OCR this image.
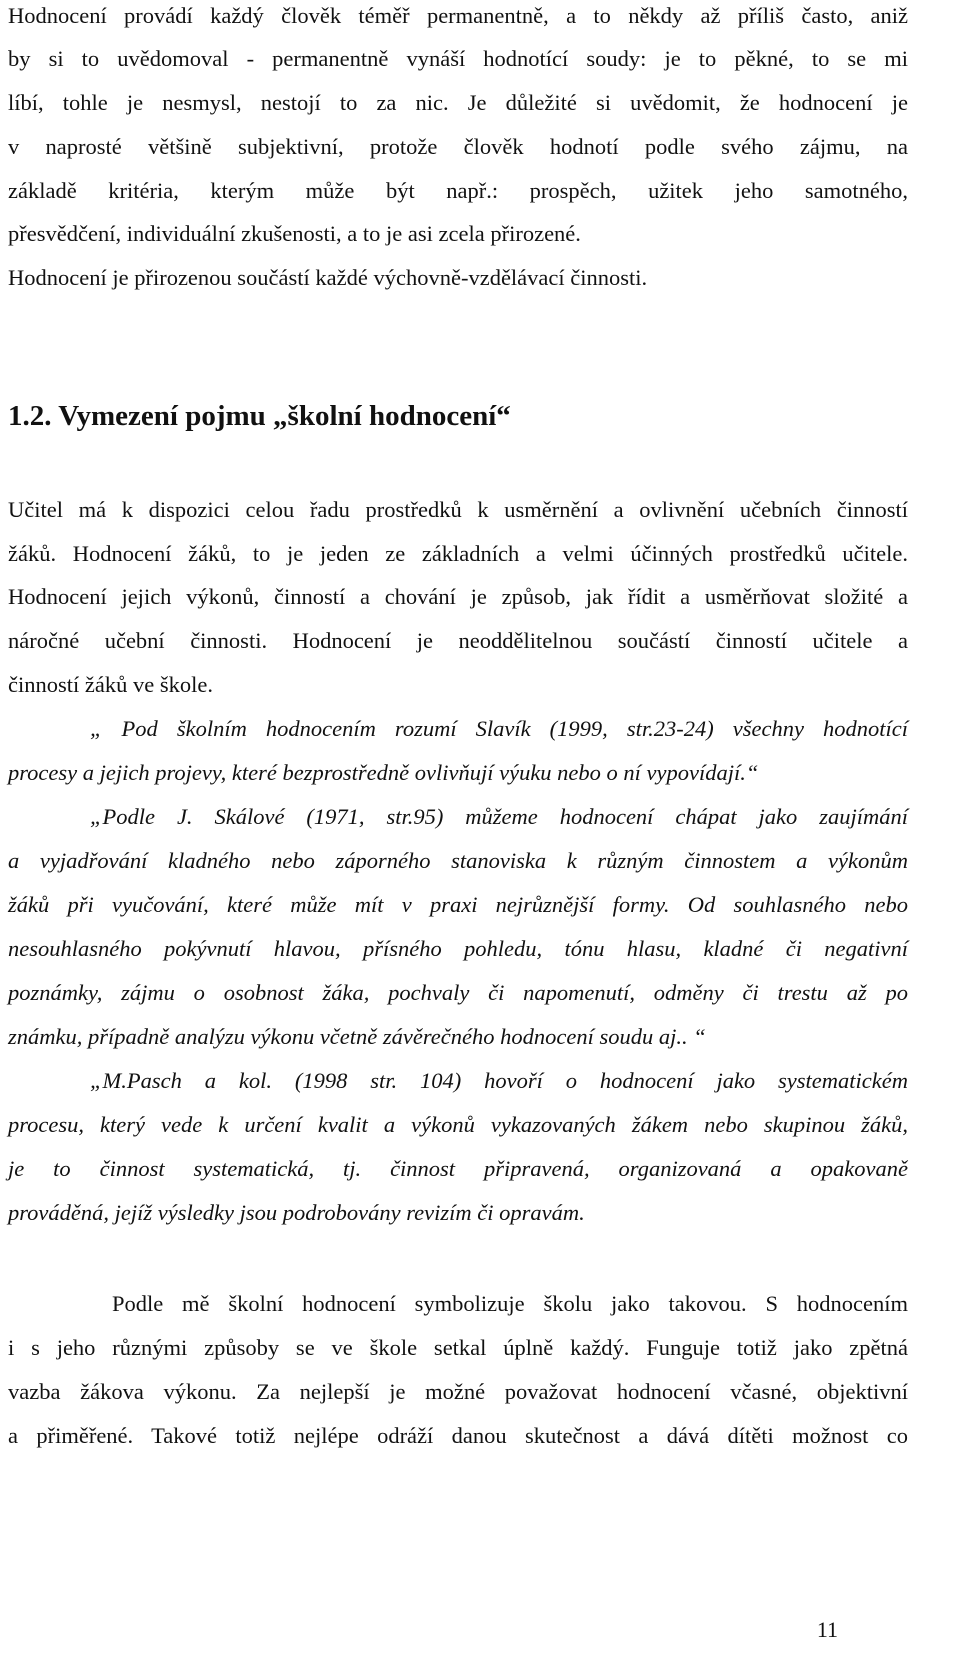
Hodnocení provádí každý člověk téměř permanentně, a to někdy až příliš často, aniž
by si to uvědomoval - permanentně vynáší hodnotící soudy: je to pěkné, to se mi
líbí, tohle je nesmysl, nestojí to za nic. Je důležité si uvědomit, že hodnocení je
v naprosté většině subjektivní, protože člověk hodnotí podle svého zájmu, na
základě kritéria, kterým může být např.: prospěch, užitek jeho samotného,
přesvědčení, individuální zkušenosti, a to je asi zcela přirozené.
Hodnocení je přirozenou součástí každé výchovně-vzdělávací činnosti.
1.2. Vymezení pojmu „školní hodnocení“
Učitel má k dispozici celou řadu prostředků k usměrnění a ovlivnění učebních činností
žáků. Hodnocení žáků, to je jeden ze základních a velmi účinných prostředků učitele.
Hodnocení jejich výkonů, činností a chování je způsob, jak řídit a usměrňovat složité a
náročné učební činnosti. Hodnocení je neoddělitelnou součástí činností učitele a
činností žáků ve škole.
„ Pod školním hodnocením rozumí Slavík (1999, str.23-24) všechny hodnotící
procesy a jejich projevy, které bezprostředně ovlivňují výuku nebo o ní vypovídají.“
„Podle J. Skálové (1971, str.95) můžeme hodnocení chápat jako zaujímání
a vyjadřování kladného nebo záporného stanoviska k různým činnostem a výkonům
žáků při vyučování, které může mít v praxi nejrůznější formy. Od souhlasného nebo
nesouhlasného pokývnutí hlavou, přísného pohledu, tónu hlasu, kladné či negativní
poznámky, zájmu o osobnost žáka, pochvaly či napomenutí, odměny či trestu až po
známku, případně analýzu výkonu včetně závěrečného hodnocení soudu aj.. “
„M.Pasch a kol. (1998 str. 104) hovoří o hodnocení jako systematickém
procesu, který vede k určení kvalit a výkonů vykazovaných žákem nebo skupinou žáků,
je to činnost systematická, tj. činnost připravená, organizovaná a opakovaně
prováděná, jejíž výsledky jsou podrobovány revizím či opravám.
Podle mě školní hodnocení symbolizuje školu jako takovou. S hodnocením
i s jeho různými způsoby se ve škole setkal úplně každý. Funguje totiž jako zpětná
vazba žákova výkonu. Za nejlepší je možné považovat hodnocení včasné, objektivní
a přiměřené. Takové totiž nejlépe odráží danou skutečnost a dává dítěti možnost co
11
